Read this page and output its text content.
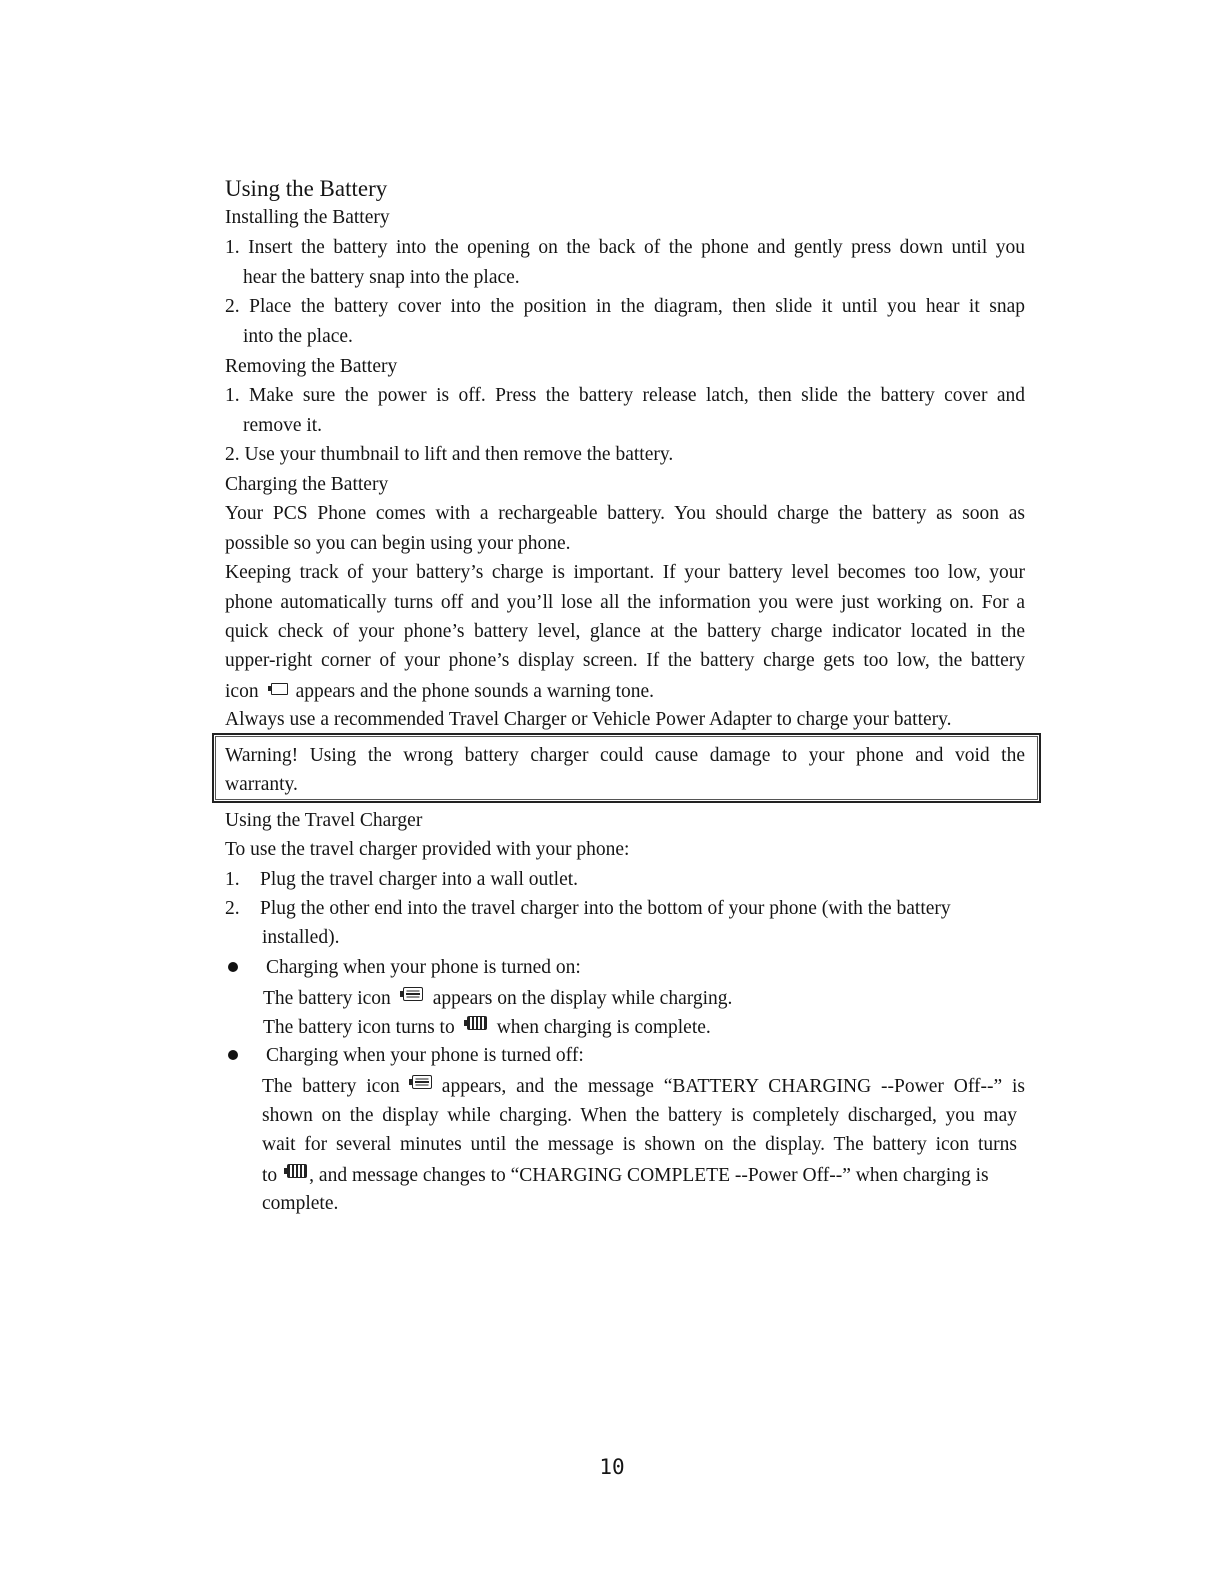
Using the Battery
Installing the Battery
1. Insert the battery into the opening on the back of the phone and gently press down until you
hear the battery snap into the place.
2. Place the battery cover into the position in the diagram, then slide it until you hear it snap
into the place.
Removing the Battery
1. Make sure the power is off. Press the battery release latch, then slide the battery cover and
remove it.
2. Use your thumbnail to lift and then remove the battery.
Charging the Battery
Your PCS Phone comes with a rechargeable battery. You should charge the battery as soon as
possible so you can begin using your phone.
Keeping track of your battery’s charge is important. If your battery level becomes too low, your
phone automatically turns off and you’ll lose all the information you were just working on. For a
quick check of your phone’s battery level, glance at the battery charge indicator located in the
upper-right corner of your phone’s display screen. If the battery charge gets too low, the battery
icon appears and the phone sounds a warning tone.
Always use a recommended Travel Charger or Vehicle Power Adapter to charge your battery.
Warning! Using the wrong battery charger could cause damage to your phone and void the
warranty.
Using the Travel Charger
To use the travel charger provided with your phone:
1. Plug the travel charger into a wall outlet.
2. Plug the other end into the travel charger into the bottom of your phone (with the battery
installed).
Charging when your phone is turned on:
The battery icon appears on the display while charging.
The battery icon turns to when charging is complete.
Charging when your phone is turned off:
The battery icon appears, and the message “BATTERY CHARGING --Power Off--” is
shown on the display while charging. When the battery is completely discharged, you may
wait for several minutes until the message is shown on the display. The battery icon turns
to , and message changes to “CHARGING COMPLETE --Power Off--” when charging is
complete.
10
